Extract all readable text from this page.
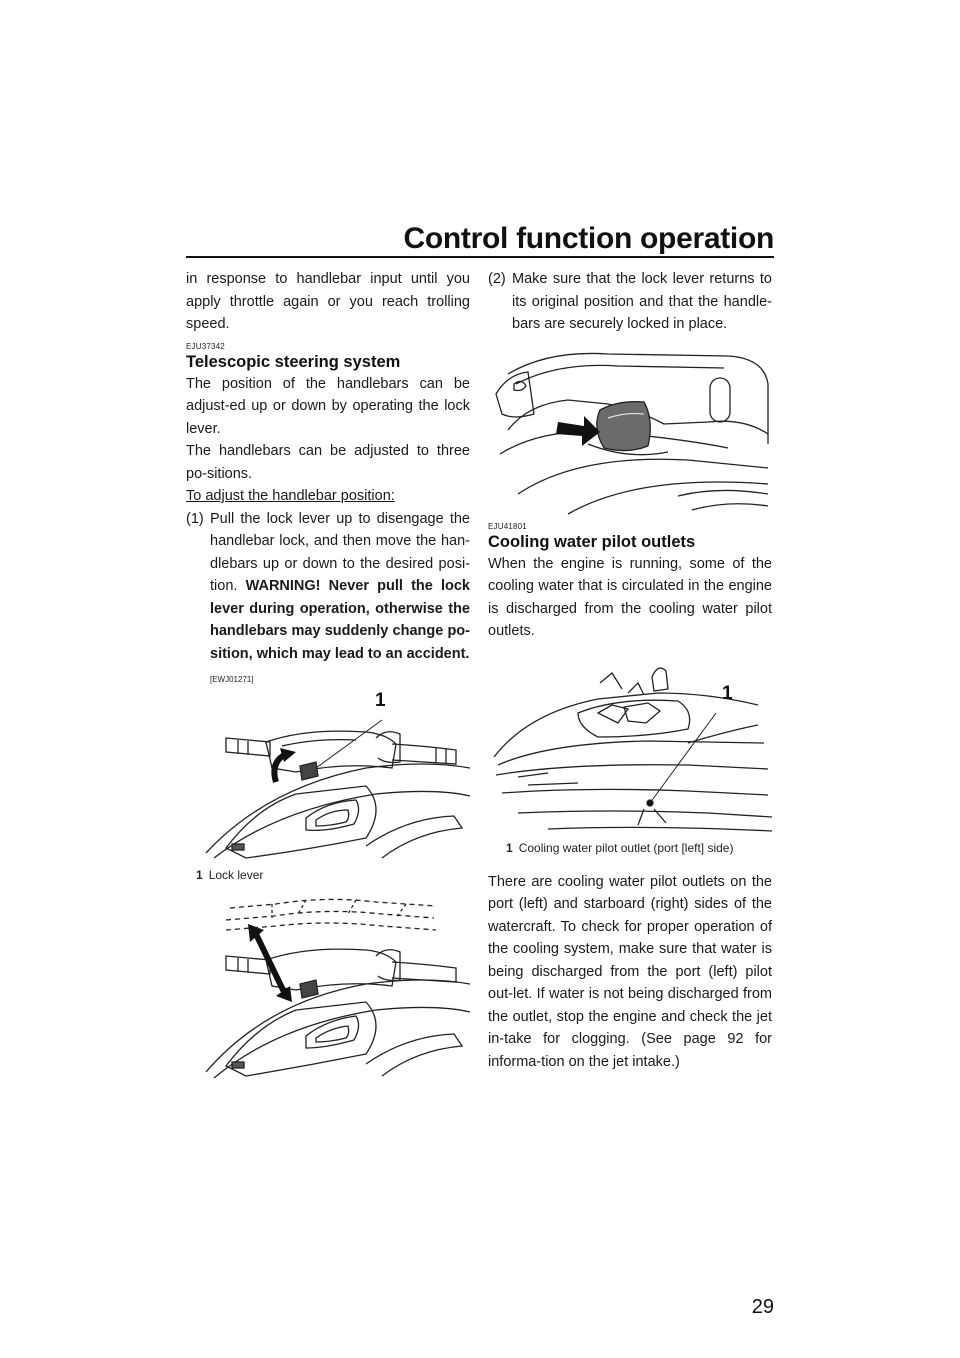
Control function operation

in response to handlebar input until you apply throttle again or you reach trolling speed.

EJU37342
Telescopic steering system

The position of the handlebars can be adjust-ed up or down by operating the lock lever.

The handlebars can be adjusted to three po-sitions.

To adjust the handlebar position:

(1) Pull the lock lever up to disengage the handlebar lock, and then move the han-dlebars up or down to the desired posi-tion. WARNING! Never pull the lock lever during operation, otherwise the handlebars may suddenly change po-sition, which may lead to an accident.
[EWJ01271]
1
1 Lock lever
(2) Make sure that the lock lever returns to its original position and that the handle-bars are securely locked in place.
EJU41801
Cooling water pilot outlets

When the engine is running, some of the cooling water that is circulated in the engine is discharged from the cooling water pilot outlets.

1
1 Cooling water pilot outlet (port [left] side)

There are cooling water pilot outlets on the port (left) and starboard (right) sides of the watercraft. To check for proper operation of the cooling system, make sure that water is being discharged from the port (left) pilot out-let. If water is not being discharged from the outlet, stop the engine and check the jet in-take for clogging. (See page 92 for informa-tion on the jet intake.)

29
